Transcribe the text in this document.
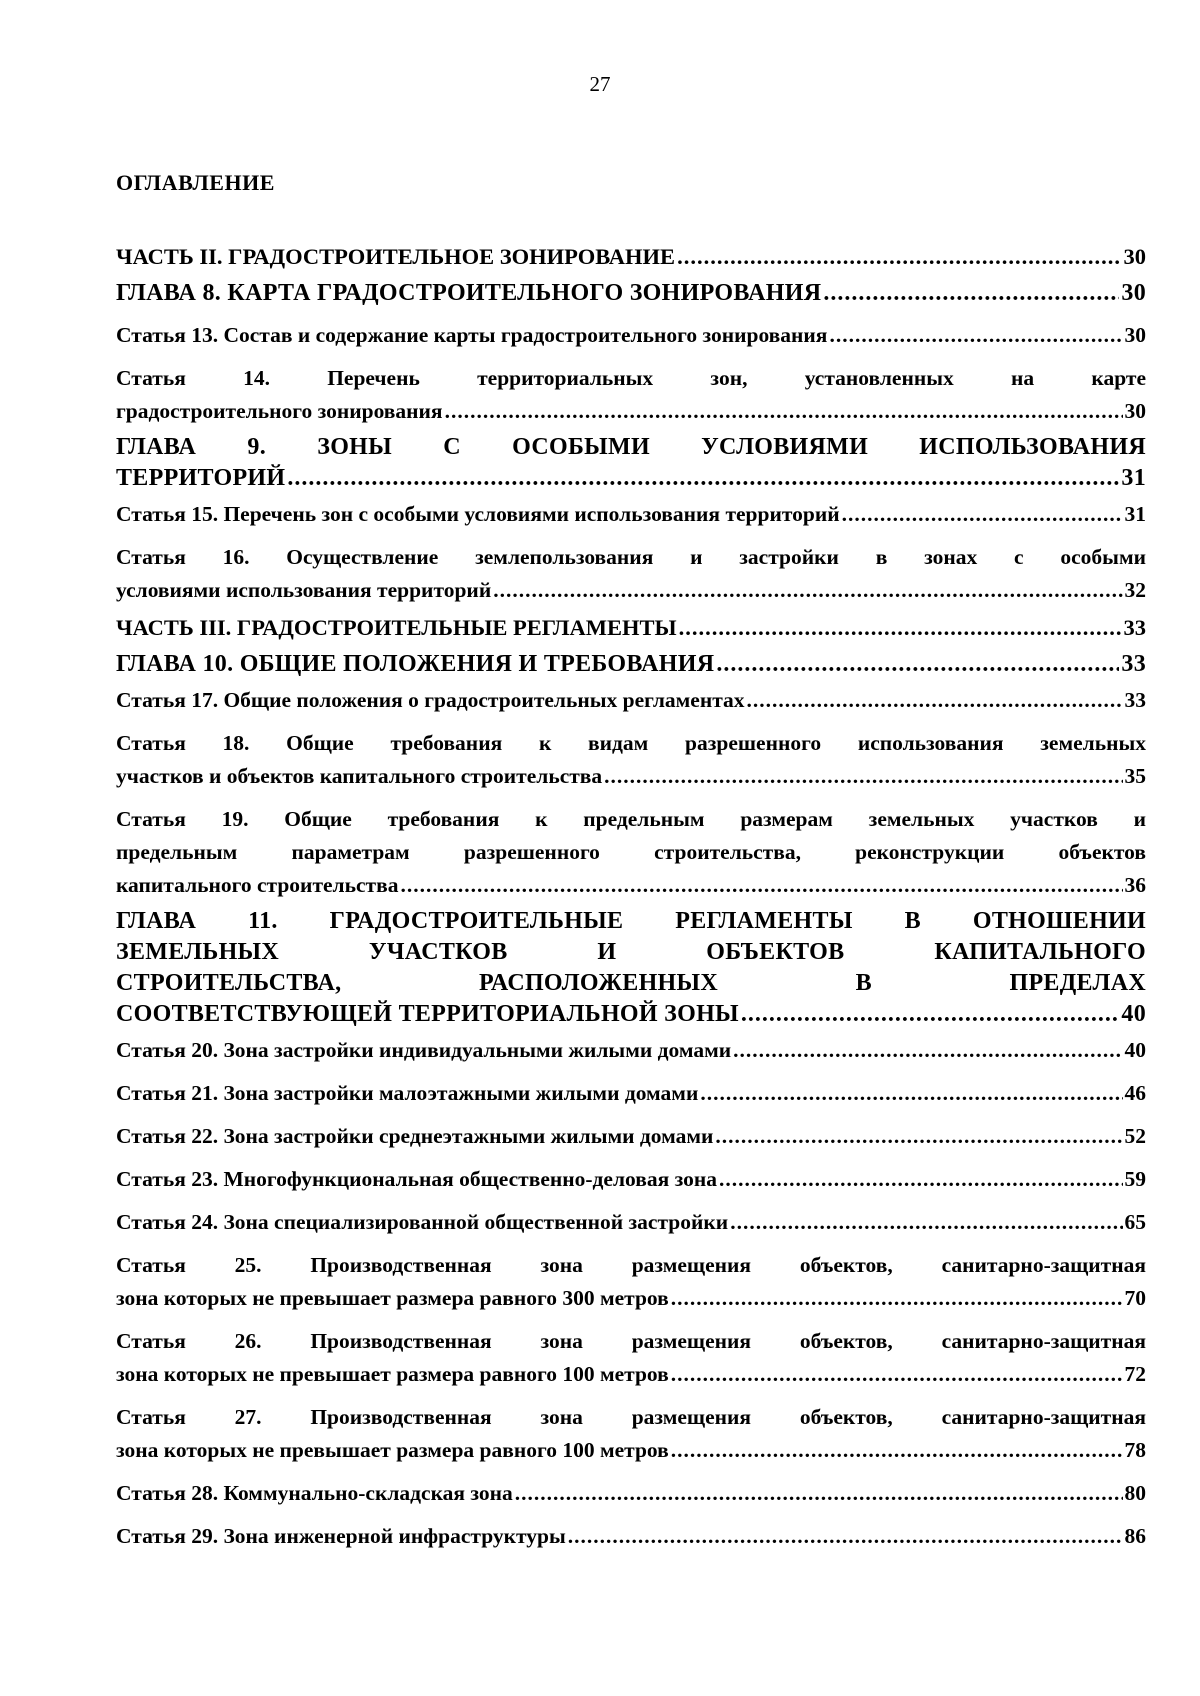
27
ОГЛАВЛЕНИЕ
ЧАСТЬ II. ГРАДОСТРОИТЕЛЬНОЕ ЗОНИРОВАНИЕ .....	30
ГЛАВА 8. КАРТА ГРАДОСТРОИТЕЛЬНОГО ЗОНИРОВАНИЯ .....	30
Статья 13. Состав и содержание карты градостроительного зонирования .....	30
Статья 14. Перечень территориальных зон, установленных на карте
градостроительного зонирования .....	30
ГЛАВА 9. ЗОНЫ С ОСОБЫМИ УСЛОВИЯМИ ИСПОЛЬЗОВАНИЯ
ТЕРРИТОРИЙ .....	31
Статья 15. Перечень зон с особыми условиями использования территорий .....	31
Статья 16. Осуществление землепользования и застройки в зонах с особыми
условиями использования территорий .....	32
ЧАСТЬ III. ГРАДОСТРОИТЕЛЬНЫЕ РЕГЛАМЕНТЫ .....	33
ГЛАВА 10. ОБЩИЕ ПОЛОЖЕНИЯ И ТРЕБОВАНИЯ .....	33
Статья 17. Общие положения о градостроительных регламентах .....	33
Статья 18. Общие требования к видам разрешенного использования земельных
участков и объектов капитального строительства .....	35
Статья 19. Общие требования к предельным размерам земельных участков и
предельным параметрам разрешенного строительства, реконструкции объектов
капитального строительства .....	36
ГЛАВА 11. ГРАДОСТРОИТЕЛЬНЫЕ РЕГЛАМЕНТЫ В ОТНОШЕНИИ
ЗЕМЕЛЬНЫХ УЧАСТКОВ И ОБЪЕКТОВ КАПИТАЛЬНОГО
СТРОИТЕЛЬСТВА, РАСПОЛОЖЕННЫХ В ПРЕДЕЛАХ
СООТВЕТСТВУЮЩЕЙ ТЕРРИТОРИАЛЬНОЙ ЗОНЫ .....	40
Статья 20. Зона застройки индивидуальными жилыми домами .....	40
Статья 21. Зона застройки малоэтажными жилыми домами .....	46
Статья 22. Зона застройки среднеэтажными жилыми домами .....	52
Статья 23. Многофункциональная общественно-деловая зона .....	59
Статья 24. Зона специализированной общественной застройки .....	65
Статья 25. Производственная зона размещения объектов, санитарно-защитная
зона которых не превышает размера равного 300 метров .....	70
Статья 26. Производственная зона размещения объектов, санитарно-защитная
зона которых не превышает размера равного 100 метров .....	72
Статья 27. Производственная зона размещения объектов, санитарно-защитная
зона которых не превышает размера равного 100 метров .....	78
Статья 28. Коммунально-складская зона .....	80
Статья 29. Зона инженерной инфраструктуры .....	86
